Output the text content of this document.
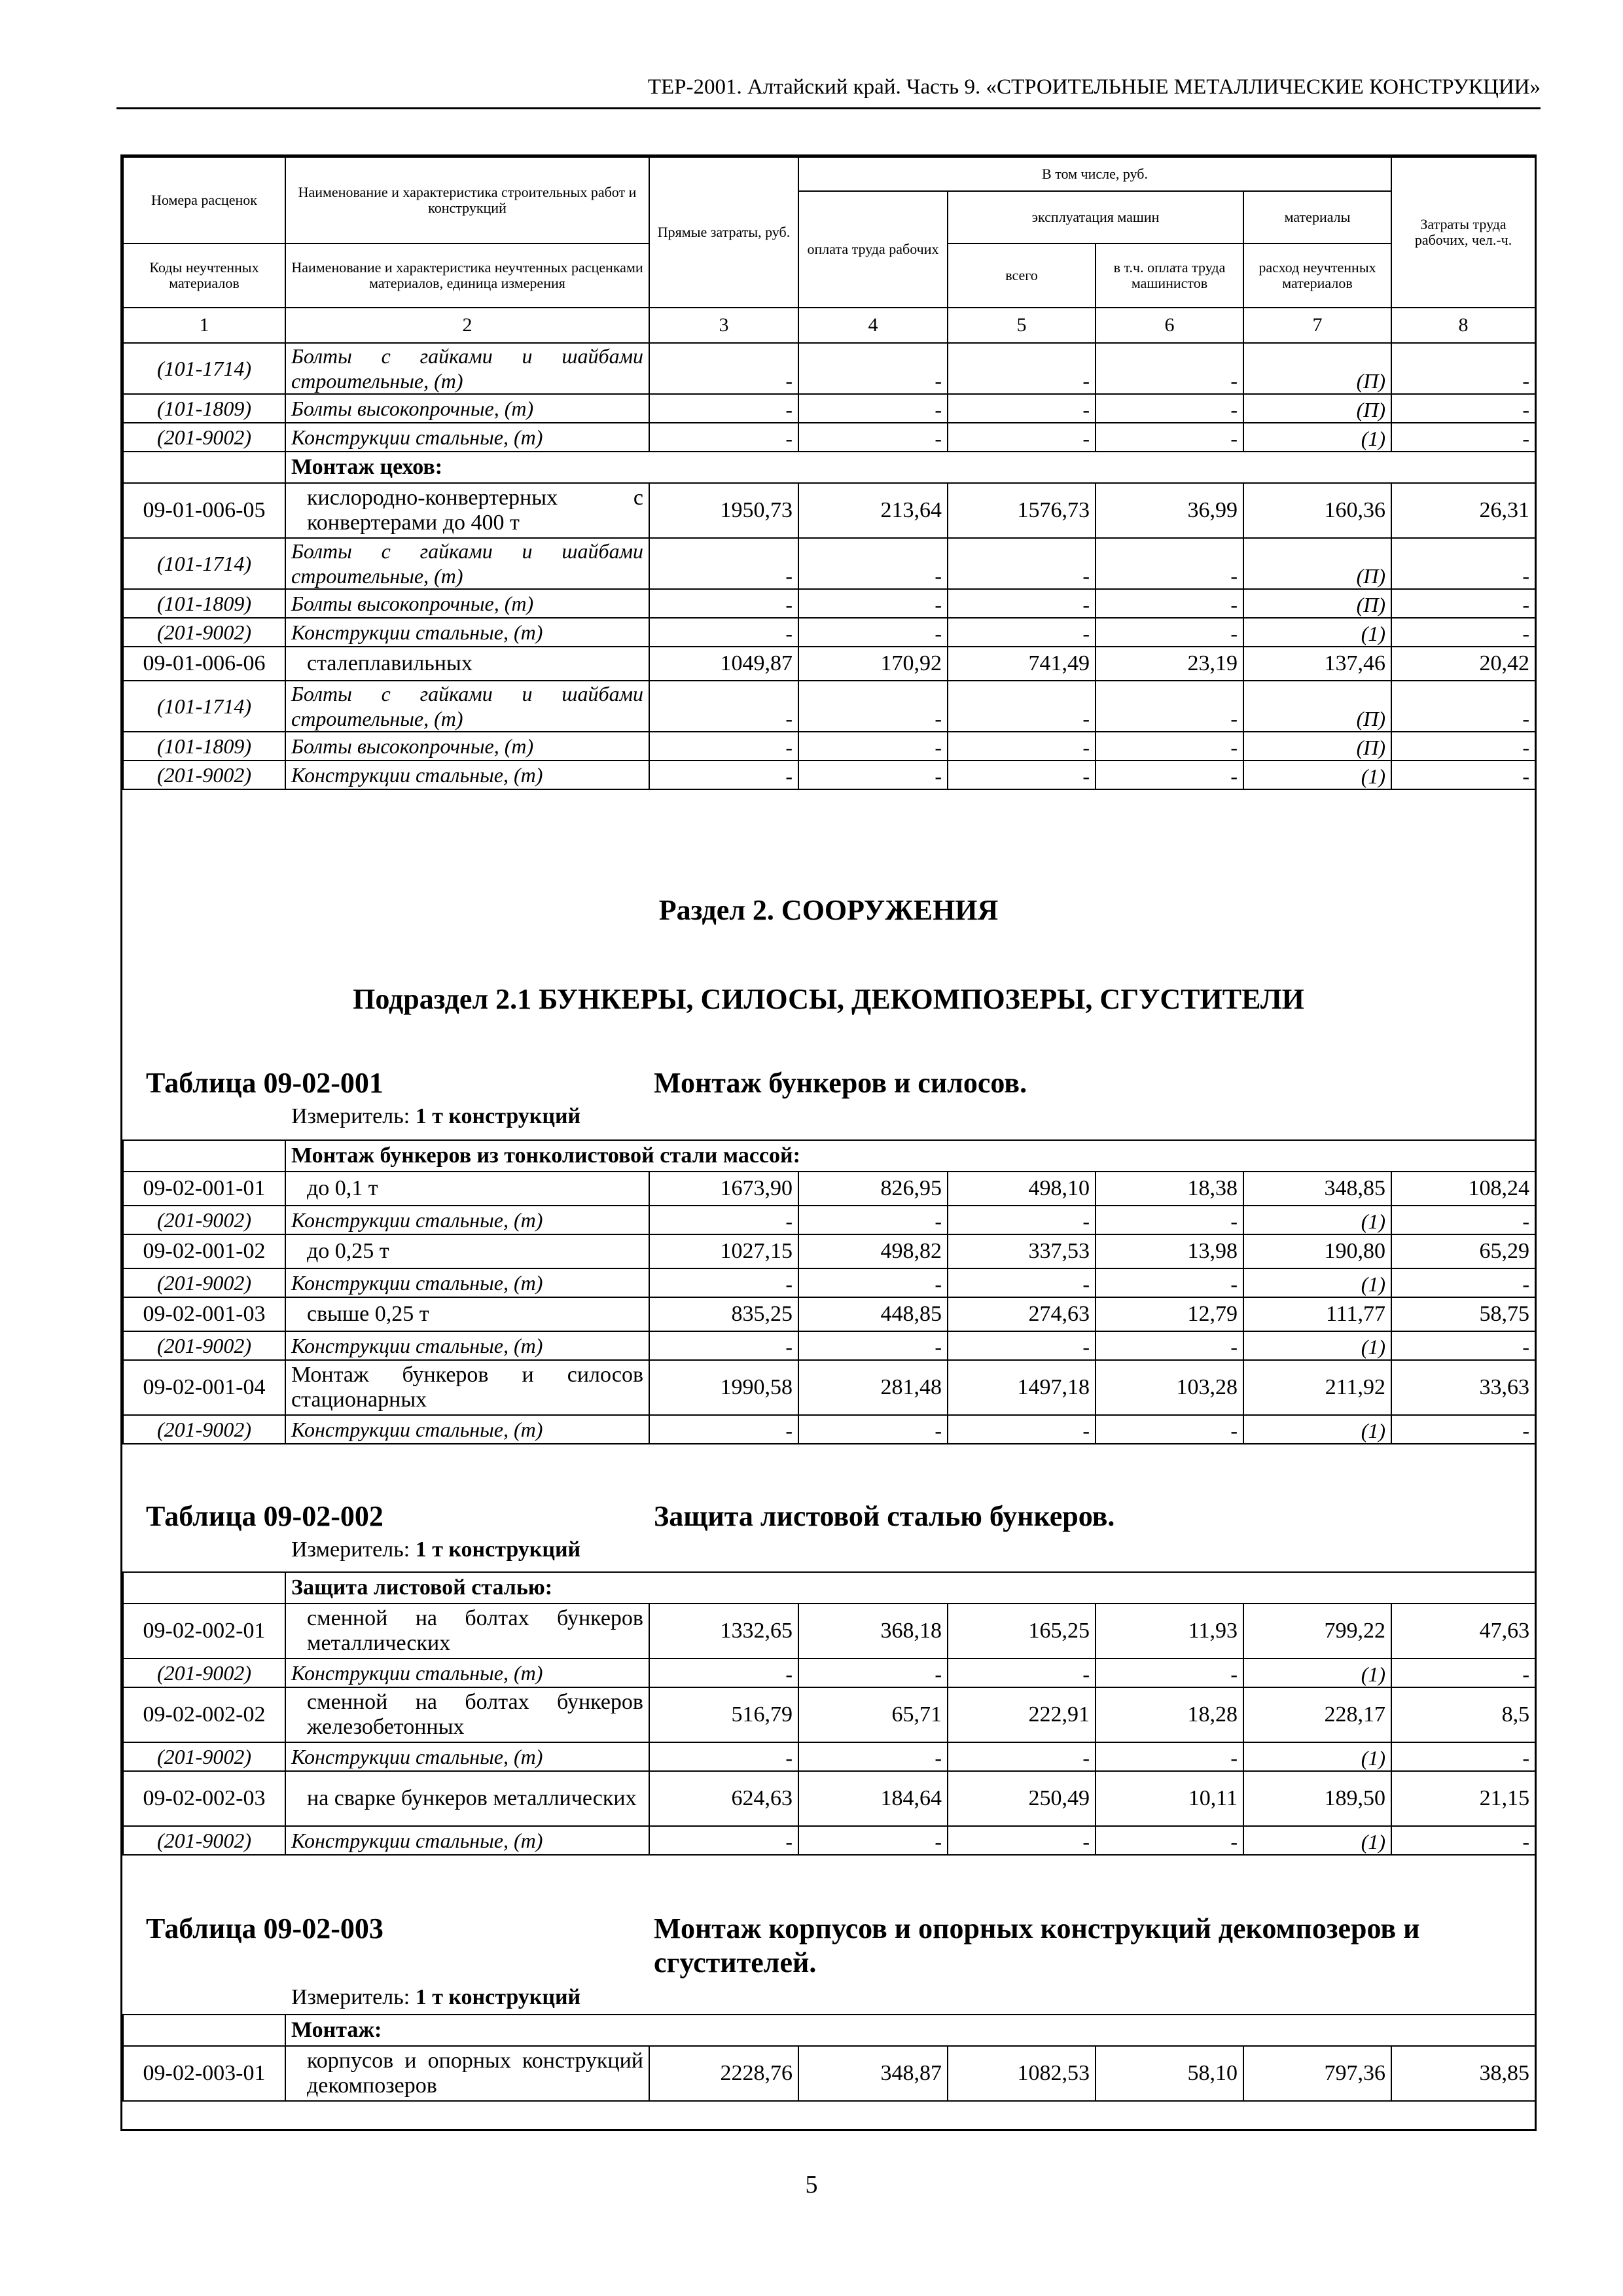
ТЕР-2001. Алтайский край. Часть 9. «СТРОИТЕЛЬНЫЕ МЕТАЛЛИЧЕСКИЕ КОНСТРУКЦИИ»
Номера расценок	Наименование и характеристика строительных работ и конструкций	Прямые затраты, руб.	В том числе, руб.				Затраты труда рабочих, чел.-ч.
			оплата труда рабочих	эксплуатация машин		материалы	
Коды неучтенных материалов	Наименование и характеристика неучтенных расценками материалов, единица измерения			всего	в т.ч. оплата труда машинистов	расход неучтенных материалов	
1	2	3	4	5	6	7	8
(101-1714)	Болты с гайками и шайбами строительные, (т)	-	-	-	-	(П)	-
(101-1809)	Болты высокопрочные, (т)	-	-	-	-	(П)	-
(201-9002)	Конструкции стальные, (т)	-	-	-	-	(1)	-
	Монтаж цехов:						
09-01-006-05	кислородно-конвертерных с конвертерами до 400 т	1950,73	213,64	1576,73	36,99	160,36	26,31
(101-1714)	Болты с гайками и шайбами строительные, (т)	-	-	-	-	(П)	-
(101-1809)	Болты высокопрочные, (т)	-	-	-	-	(П)	-
(201-9002)	Конструкции стальные, (т)	-	-	-	-	(1)	-
09-01-006-06	сталеплавильных	1049,87	170,92	741,49	23,19	137,46	20,42
(101-1714)	Болты с гайками и шайбами строительные, (т)	-	-	-	-	(П)	-
(101-1809)	Болты высокопрочные, (т)	-	-	-	-	(П)	-
(201-9002)	Конструкции стальные, (т)	-	-	-	-	(1)	-

Раздел 2. СООРУЖЕНИЯ
Подраздел 2.1 БУНКЕРЫ, СИЛОСЫ, ДЕКОМПОЗЕРЫ, СГУСТИТЕЛИ
Таблица 09-02-001	Монтаж бункеров и силосов.
Измеритель: 1 т конструкций
	Монтаж бункеров из тонколистовой стали массой:						
09-02-001-01	до 0,1 т	1673,90	826,95	498,10	18,38	348,85	108,24
(201-9002)	Конструкции стальные, (т)	-	-	-	-	(1)	-
09-02-001-02	до 0,25 т	1027,15	498,82	337,53	13,98	190,80	65,29
(201-9002)	Конструкции стальные, (т)	-	-	-	-	(1)	-
09-02-001-03	свыше 0,25 т	835,25	448,85	274,63	12,79	111,77	58,75
(201-9002)	Конструкции стальные, (т)	-	-	-	-	(1)	-
09-02-001-04	Монтаж бункеров и силосов стационарных	1990,58	281,48	1497,18	103,28	211,92	33,63
(201-9002)	Конструкции стальные, (т)	-	-	-	-	(1)	-
Таблица 09-02-002	Защита листовой сталью бункеров.
Измеритель: 1 т конструкций
	Защита листовой сталью:						
09-02-002-01	сменной на болтах бункеров металлических	1332,65	368,18	165,25	11,93	799,22	47,63
(201-9002)	Конструкции стальные, (т)	-	-	-	-	(1)	-
09-02-002-02	сменной на болтах бункеров железобетонных	516,79	65,71	222,91	18,28	228,17	8,5
(201-9002)	Конструкции стальные, (т)	-	-	-	-	(1)	-
09-02-002-03	на сварке бункеров металлических	624,63	184,64	250,49	10,11	189,50	21,15
(201-9002)	Конструкции стальные, (т)	-	-	-	-	(1)	-
Таблица 09-02-003	Монтаж корпусов и опорных конструкций декомпозеров и сгустителей.
Измеритель: 1 т конструкций
	Монтаж:						
09-02-003-01	корпусов и опорных конструкций декомпозеров	2228,76	348,87	1082,53	58,10	797,36	38,85
5
